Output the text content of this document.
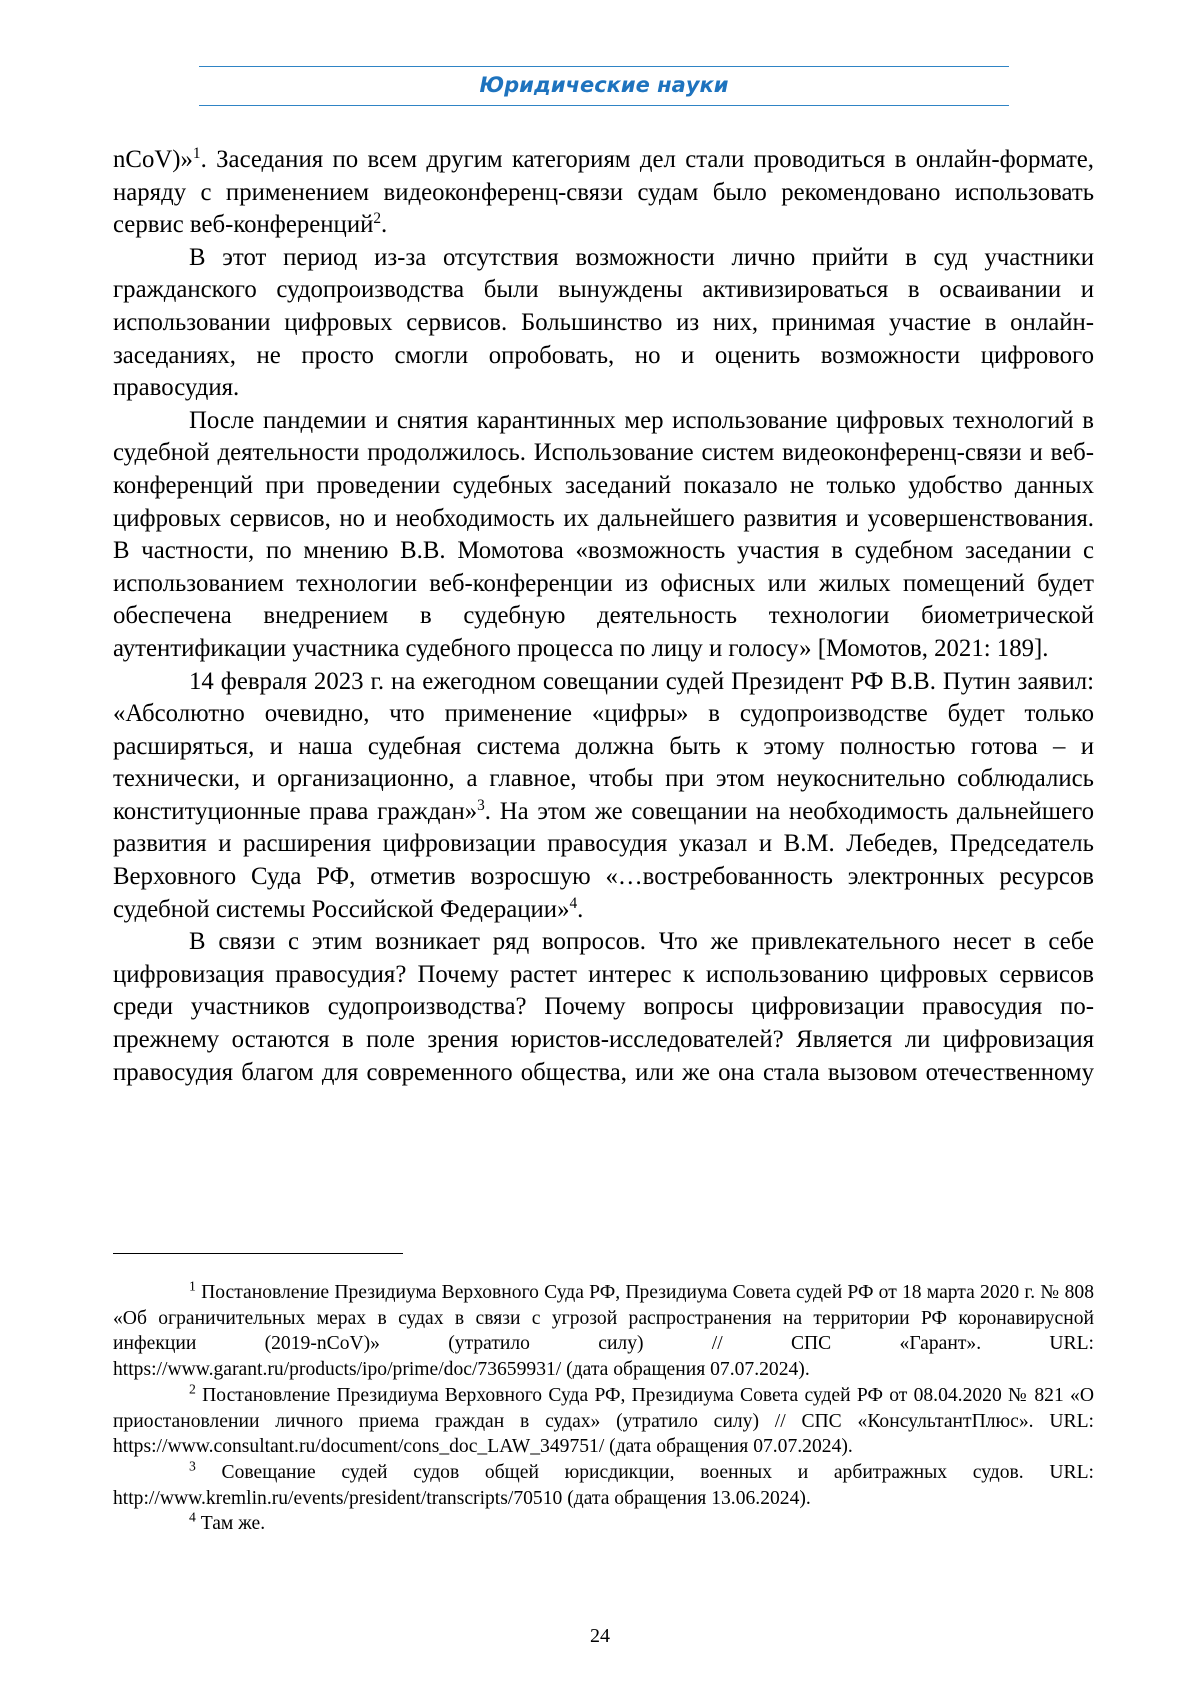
Юридические науки

nCoV)»$^1$. Заседания по всем другим категориям дел стали проводиться в онлайн-формате, наряду с применением видеоконференц-связи судам было рекомендовано использовать сервис веб-конференций$^2$.

В этот период из-за отсутствия возможности лично прийти в суд участники гражданского судопроизводства были вынуждены активизироваться в осваивании и использовании цифровых сервисов. Большинство из них, принимая участие в онлайн-заседаниях, не просто смогли опробовать, но и оценить возможности цифрового правосудия.

После пандемии и снятия карантинных мер использование цифровых технологий в судебной деятельности продолжилось. Использование систем видеоконференц-связи и веб-конференций при проведении судебных заседаний показало не только удобство данных цифровых сервисов, но и необходимость их дальнейшего развития и усовершенствования. В частности, по мнению В.В. Момотова «возможность участия в судебном заседании с использованием технологии веб-конференции из офисных или жилых помещений будет обеспечена внедрением в судебную деятельность технологии биометрической аутентификации участника судебного процесса по лицу и голосу» [Момотов, 2021: 189].

14 февраля 2023 г. на ежегодном совещании судей Президент РФ В.В. Путин заявил: «Абсолютно очевидно, что применение «цифры» в судопроизводстве будет только расширяться, и наша судебная система должна быть к этому полностью готова – и технически, и организационно, а главное, чтобы при этом неукоснительно соблюдались конституционные права граждан»$^3$. На этом же совещании на необходимость дальнейшего развития и расширения цифровизации правосудия указал и В.М. Лебедев, Председатель Верховного Суда РФ, отметив возросшую «…востребованность электронных ресурсов судебной системы Российской Федерации»$^4$.

В связи с этим возникает ряд вопросов. Что же привлекательного несет в себе цифровизация правосудия? Почему растет интерес к использованию цифровых сервисов среди участников судопроизводства? Почему вопросы цифровизации правосудия по-прежнему остаются в поле зрения юристов-исследователей? Является ли цифровизация правосудия благом для современного общества, или же она стала вызовом отечественному

$^1$ Постановление Президиума Верховного Суда РФ, Президиума Совета судей РФ от 18 марта 2020 г. № 808 «Об ограничительных мерах в судах в связи с угрозой распространения на территории РФ коронавирусной инфекции (2019-nCoV)» (утратило силу) // СПС «Гарант». URL: https://www.garant.ru/products/ipo/prime/doc/73659931/ (дата обращения 07.07.2024).

$^2$ Постановление Президиума Верховного Суда РФ, Президиума Совета судей РФ от 08.04.2020 № 821 «О приостановлении личного приема граждан в судах» (утратило силу) // СПС «КонсультантПлюс». URL: https://www.consultant.ru/document/cons_doc_LAW_349751/ (дата обращения 07.07.2024).

$^3$ Совещание судей судов общей юрисдикции, военных и арбитражных судов. URL: http://www.kremlin.ru/events/president/transcripts/70510 (дата обращения 13.06.2024).

$^4$ Там же.

24
